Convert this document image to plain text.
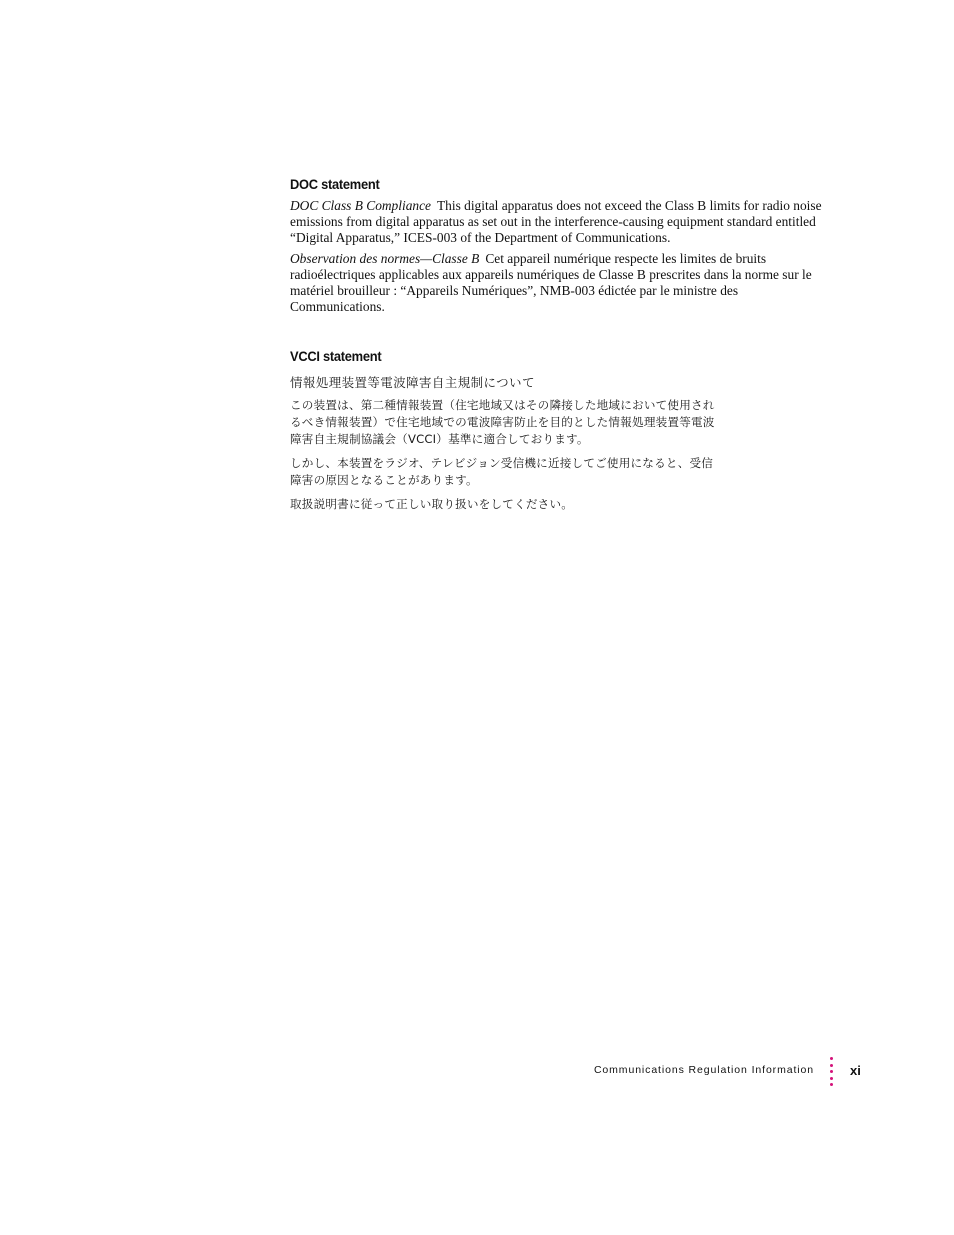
DOC statement

DOC Class B Compliance This digital apparatus does not exceed the Class B limits for radio noise emissions from digital apparatus as set out in the interference-causing equipment standard entitled “Digital Apparatus,” ICES-003 of the Department of Communications.

Observation des normes—Classe B Cet appareil numérique respecte les limites de bruits radioélectriques applicables aux appareils numériques de Classe B prescrites dans la norme sur le matériel brouilleur : “Appareils Numériques”, NMB-003 édictée par le ministre des Communications.

VCCI statement

情報処理装置等電波障害自主規制について

この装置は、第二種情報装置（住宅地域又はその隣接した地域において使用されるべき情報装置）で住宅地域での電波障害防止を目的とした情報処理装置等電波障害自主規制協議会（VCCI）基準に適合しております。

しかし、本装置をラジオ、テレビジョン受信機に近接してご使用になると、受信障害の原因となることがあります。

取扱説明書に従って正しい取り扱いをしてください。

Communications Regulation Information	xi
